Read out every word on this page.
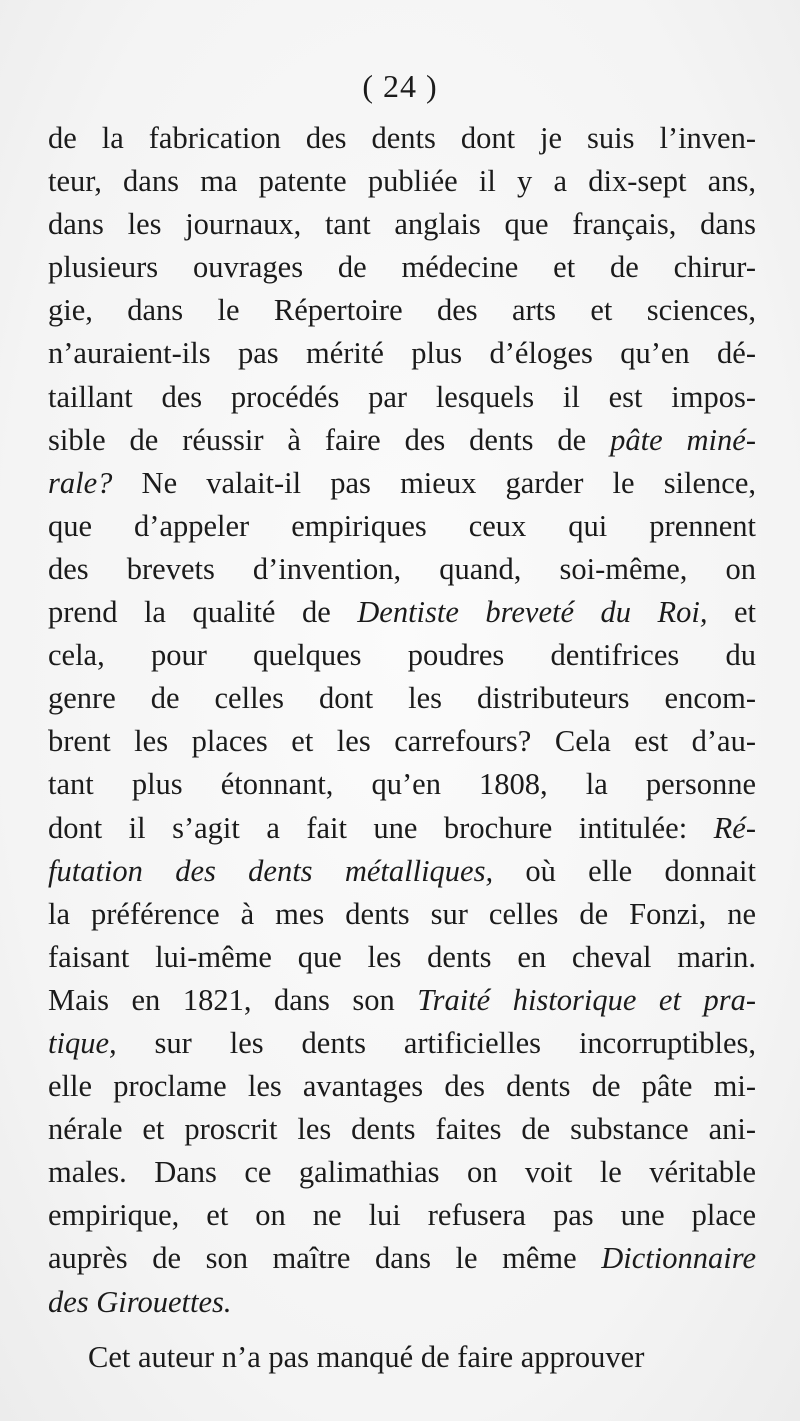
( 24 )
de la fabrication des dents dont je suis l’inven-
teur, dans ma patente publiée il y a dix-sept ans,
dans les journaux, tant anglais que français, dans
plusieurs ouvrages de médecine et de chirur-
gie, dans le Répertoire des arts et sciences,
n’auraient-ils pas mérité plus d’éloges qu’en dé-
taillant des procédés par lesquels il est impos-
sible de réussir à faire des dents de pâte miné-
rale? Ne valait-il pas mieux garder le silence,
que d’appeler empiriques ceux qui prennent
des brevets d’invention, quand, soi-même, on
prend la qualité de Dentiste breveté du Roi, et
cela, pour quelques poudres dentifrices du
genre de celles dont les distributeurs encom-
brent les places et les carrefours? Cela est d’au-
tant plus étonnant, qu’en 1808, la personne
dont il s’agit a fait une brochure intitulée: Ré-
futation des dents métalliques, où elle donnait
la préférence à mes dents sur celles de Fonzi, ne
faisant lui-même que les dents en cheval marin.
Mais en 1821, dans son Traité historique et pra-
tique, sur les dents artificielles incorruptibles,
elle proclame les avantages des dents de pâte mi-
nérale et proscrit les dents faites de substance ani-
males. Dans ce galimathias on voit le véritable
empirique, et on ne lui refusera pas une place
auprès de son maître dans le même Dictionnaire
des Girouettes.
Cet auteur n’a pas manqué de faire approuver
